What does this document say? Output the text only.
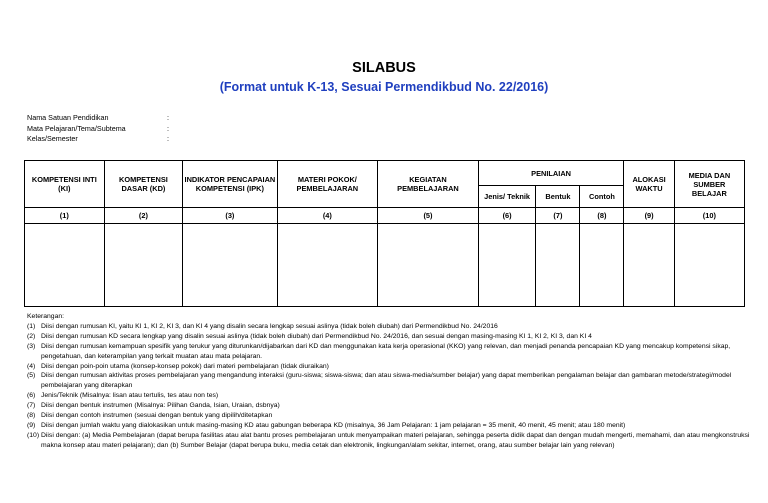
SILABUS
(Format untuk K-13, Sesuai Permendikbud No. 22/2016)
Nama Satuan Pendidikan	:
Mata Pelajaran/Tema/Subtema	:
Kelas/Semester	:
KOMPETENSI INTI (KI)	KOMPETENSI DASAR (KD)	INDIKATOR PENCAPAIAN KOMPETENSI (IPK)	MATERI POKOK/ PEMBELAJARAN	KEGIATAN PEMBELAJARAN	PENILAIAN			ALOKASI WAKTU	MEDIA DAN SUMBER BELAJAR
					Jenis/ Teknik	Bentuk	Contoh		
(1)	(2)	(3)	(4)	(5)	(6)	(7)	(8)	(9)	(10)

Keterangan:
(1) Diisi dengan rumusan KI, yaitu KI 1, KI 2, KI 3, dan KI 4 yang disalin secara lengkap sesuai aslinya (tidak boleh diubah) dari Permendikbud No. 24/2016
(2) Diisi dengan rumusan KD secara lengkap yang disalin sesuai aslinya (tidak boleh diubah) dari Permendikbud No. 24/2016, dan sesuai dengan masing-masing KI 1, KI 2, KI 3, dan KI 4
(3) Diisi dengan rumusan kemampuan spesifik yang terukur yang diturunkan/dijabarkan dari KD dan menggunakan kata kerja operasional (KKO) yang relevan, dan menjadi penanda pencapaian KD yang mencakup kompetensi sikap, pengetahuan, dan keterampilan yang terkait muatan atau mata pelajaran.
(4) Diisi dengan poin-poin utama (konsep-konsep pokok) dari materi pembelajaran (tidak diuraikan)
(5) Diisi dengan rumusan aktivitas proses pembelajaran yang mengandung interaksi (guru-siswa; siswa-siswa; dan atau siswa-media/sumber belajar) yang dapat memberikan pengalaman belajar dan gambaran metode/strategi/model pembelajaran yang diterapkan
(6) Jenis/Teknik (Misalnya: lisan atau tertulis, tes atau non tes)
(7) Diisi dengan bentuk instrumen (Misalnya: Pilihan Ganda, Isian, Uraian, dsbnya)
(8) Diisi dengan contoh instrumen (sesuai dengan bentuk yang dipilih/ditetapkan
(9) Diisi dengan jumlah waktu yang dialokasikan untuk masing-masing KD atau gabungan beberapa KD (misalnya, 36 Jam Pelajaran: 1 jam pelajaran = 35 menit, 40 menit, 45 menit; atau 180 menit)
(10) Diisi dengan: (a) Media Pembelajaran (dapat berupa fasilitas atau alat bantu proses pembelajaran untuk menyampaikan materi pelajaran, sehingga peserta didik dapat dan dengan mudah mengerti, memahami, dan atau mengkonstruksi makna konsep atau materi pelajaran); dan (b) Sumber Belajar (dapat berupa buku, media cetak dan elektronik, lingkungan/alam sekitar, internet, orang, atau sumber belajar lain yang relevan)
